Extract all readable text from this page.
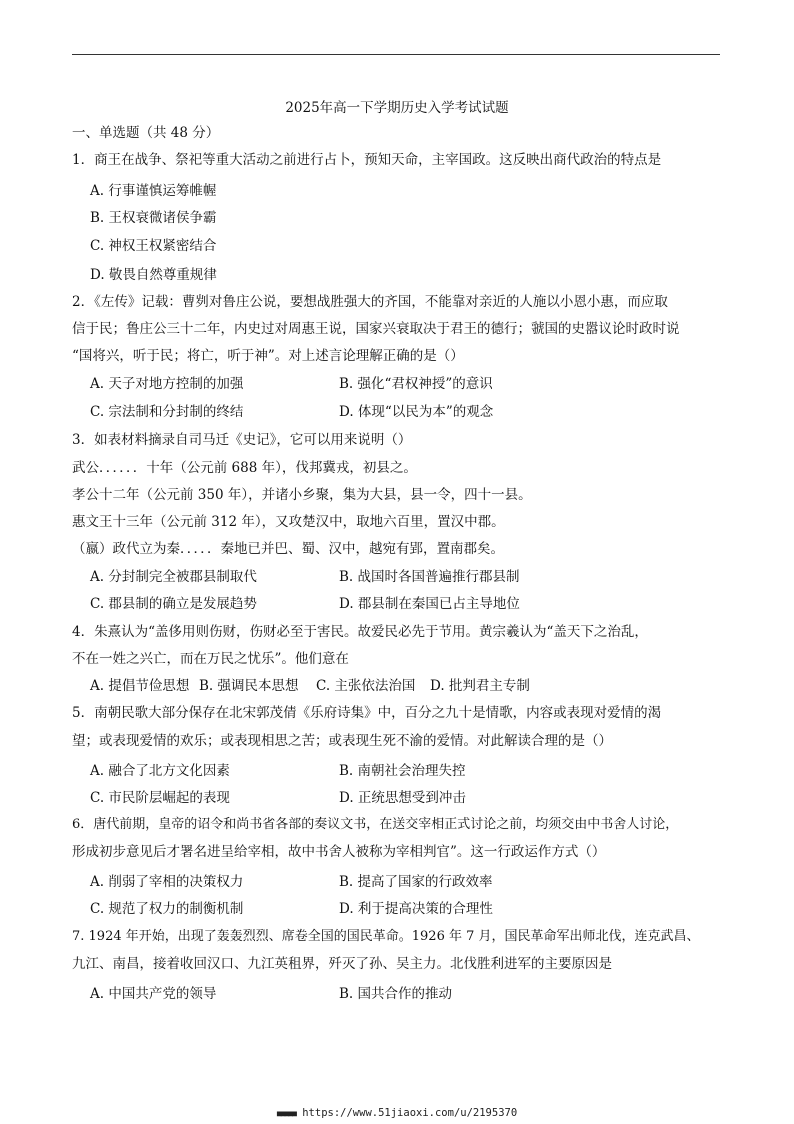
2025年高一下学期历史入学考试试题
一、单选题（共 48 分）
1．商王在战争、祭祀等重大活动之前进行占卜，预知天命，主宰国政。这反映出商代政治的特点是
A. 行事谨慎运筹帷幄
B. 王权衰微诸侯争霸
C. 神权王权紧密结合
D. 敬畏自然尊重规律
2．《左传》记载：曹刿对鲁庄公说，要想战胜强大的齐国，不能靠对亲近的人施以小恩小惠，而应取
信于民；鲁庄公三十二年，内史过对周惠王说，国家兴衰取决于君王的德行；虢国的史嚣议论时政时说
“国将兴，听于民；将亡，听于神”。对上述言论理解正确的是（）
A. 天子对地方控制的加强	B. 强化“君权神授”的意识
C. 宗法制和分封制的终结	D. 体现“以民为本”的观念
3．如表材料摘录自司马迁《史记》，它可以用来说明（）
武公．．．．．．十年（公元前 688 年），伐邦冀戎，初县之。
孝公十二年（公元前 350 年），并诸小乡聚，集为大县，县一令，四十一县。
惠文王十三年（公元前 312 年），又攻楚汉中，取地六百里，置汉中郡。
（嬴）政代立为秦．．．．．秦地已并巴、蜀、汉中，越宛有郢，置南郡矣。
A. 分封制完全被郡县制取代	B. 战国时各国普遍推行郡县制
C. 郡县制的确立是发展趋势	D. 郡县制在秦国已占主导地位
4．朱熹认为“盖侈用则伤财，伤财必至于害民。故爱民必先于节用。黄宗羲认为“盖天下之治乱，
不在一姓之兴亡，而在万民之忧乐”。他们意在
A. 提倡节俭思想 B. 强调民本思想 C. 主张依法治国 D. 批判君主专制
5．南朝民歌大部分保存在北宋郭茂倩《乐府诗集》中，百分之九十是情歌，内容或表现对爱情的渴
望；或表现爱情的欢乐；或表现相思之苦；或表现生死不渝的爱情。对此解读合理的是（）
A. 融合了北方文化因素	B. 南朝社会治理失控
C. 市民阶层崛起的表现	D. 正统思想受到冲击
6．唐代前期，皇帝的诏令和尚书省各部的奏议文书，在送交宰相正式讨论之前，均须交由中书舍人讨论，
形成初步意见后才署名进呈给宰相，故中书舍人被称为宰相判官”。这一行政运作方式（）
A. 削弱了宰相的决策权力	B. 提高了国家的行政效率
C. 规范了权力的制衡机制	D. 利于提高决策的合理性
7. 1924 年开始，出现了轰轰烈烈、席卷全国的国民革命。1926 年 7 月，国民革命军出师北伐，连克武昌、
九江、南昌，接着收回汉口、九江英租界，歼灭了孙、吴主力。北伐胜利进军的主要原因是
A. 中国共产党的领导	B. 国共合作的推动
■■■■■ https://www.51jiaoxi.com/u/2195370
